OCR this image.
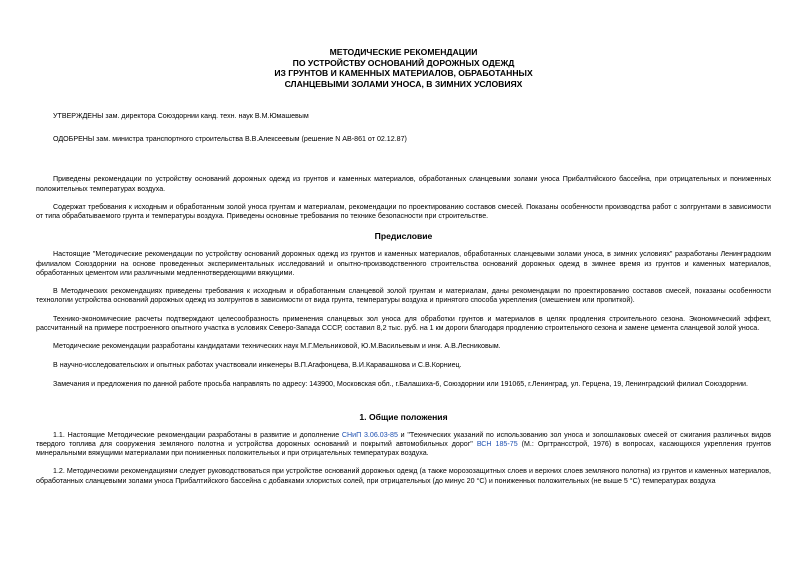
МЕТОДИЧЕСКИЕ РЕКОМЕНДАЦИИ
ПО УСТРОЙСТВУ ОСНОВАНИЙ ДОРОЖНЫХ ОДЕЖД
ИЗ ГРУНТОВ И КАМЕННЫХ МАТЕРИАЛОВ, ОБРАБОТАННЫХ
СЛАНЦЕВЫМИ ЗОЛАМИ УНОСА, В ЗИМНИХ УСЛОВИЯХ
УТВЕРЖДЕНЫ зам. директора Союздорнии канд. техн. наук В.М.Юмашевым
ОДОБРЕНЫ зам. министра транспортного строительства В.В.Алексеевым (решение N АВ-861 от 02.12.87)

Приведены рекомендации по устройству оснований дорожных одежд из грунтов и каменных материалов, обработанных сланцевыми золами уноса Прибалтийского бассейна, при отрицательных и пониженных положительных температурах воздуха.

Содержат требования к исходным и обработанным золой уноса грунтам и материалам, рекомендации по проектированию составов смесей. Показаны особенности производства работ с золгрунтами в зависимости от типа обрабатываемого грунта и температуры воздуха. Приведены основные требования по технике безопасности при строительстве.

Предисловие

Настоящие "Методические рекомендации по устройству оснований дорожных одежд из грунтов и каменных материалов, обработанных сланцевыми золами уноса, в зимних условиях" разработаны Ленинградским филиалом Союздорнии на основе проведенных экспериментальных исследований и опытно-производственного строительства оснований дорожных одежд в зимнее время из грунтов и каменных материалов, обработанных цементом или различными медленнотвердеющими вяжущими.

В Методических рекомендациях приведены требования к исходным и обработанным сланцевой золой грунтам и материалам, даны рекомендации по проектированию составов смесей, показаны особенности технологии устройства оснований дорожных одежд из золгрунтов в зависимости от вида грунта, температуры воздуха и принятого способа укрепления (смешением или пропиткой).

Технико-экономические расчеты подтверждают целесообразность применения сланцевых зол уноса для обработки грунтов и материалов в целях продления строительного сезона. Экономический эффект, рассчитанный на примере построенного опытного участка в условиях Северо-Запада СССР, составил 8,2 тыс. руб. на 1 км дороги благодаря продлению строительного сезона и замене цемента сланцевой золой уноса.

Методические рекомендации разработаны кандидатами технических наук М.Г.Мельниковой, Ю.М.Васильевым и инж. А.В.Лесниковым.

В научно-исследовательских и опытных работах участвовали инженеры В.П.Агафонцева, В.И.Каравашкова и С.В.Корниец.

Замечания и предложения по данной работе просьба направлять по адресу: 143900, Московская обл., г.Балашиха-6, Союздорнии или 191065, г.Ленинград, ул. Герцена, 19, Ленинградский филиал Союздорнии.

1. Общие положения

1.1. Настоящие Методические рекомендации разработаны в развитие и дополнение СНиП 3.06.03-85 и "Технических указаний по использованию зол уноса и золошлаковых смесей от сжигания различных видов твердого топлива для сооружения земляного полотна и устройства дорожных оснований и покрытий автомобильных дорог" ВСН 185-75 (М.: Оргтрансстрой, 1976) в вопросах, касающихся укрепления грунтов минеральными вяжущими материалами при пониженных положительных и при отрицательных температурах воздуха.

1.2. Методическими рекомендациями следует руководствоваться при устройстве оснований дорожных одежд (а также морозозащитных слоев и верхних слоев земляного полотна) из грунтов и каменных материалов, обработанных сланцевыми золами уноса Прибалтийского бассейна с добавками хлористых солей, при отрицательных (до минус 20 °С) и пониженных положительных (не выше 5 °С) температурах воздуха
